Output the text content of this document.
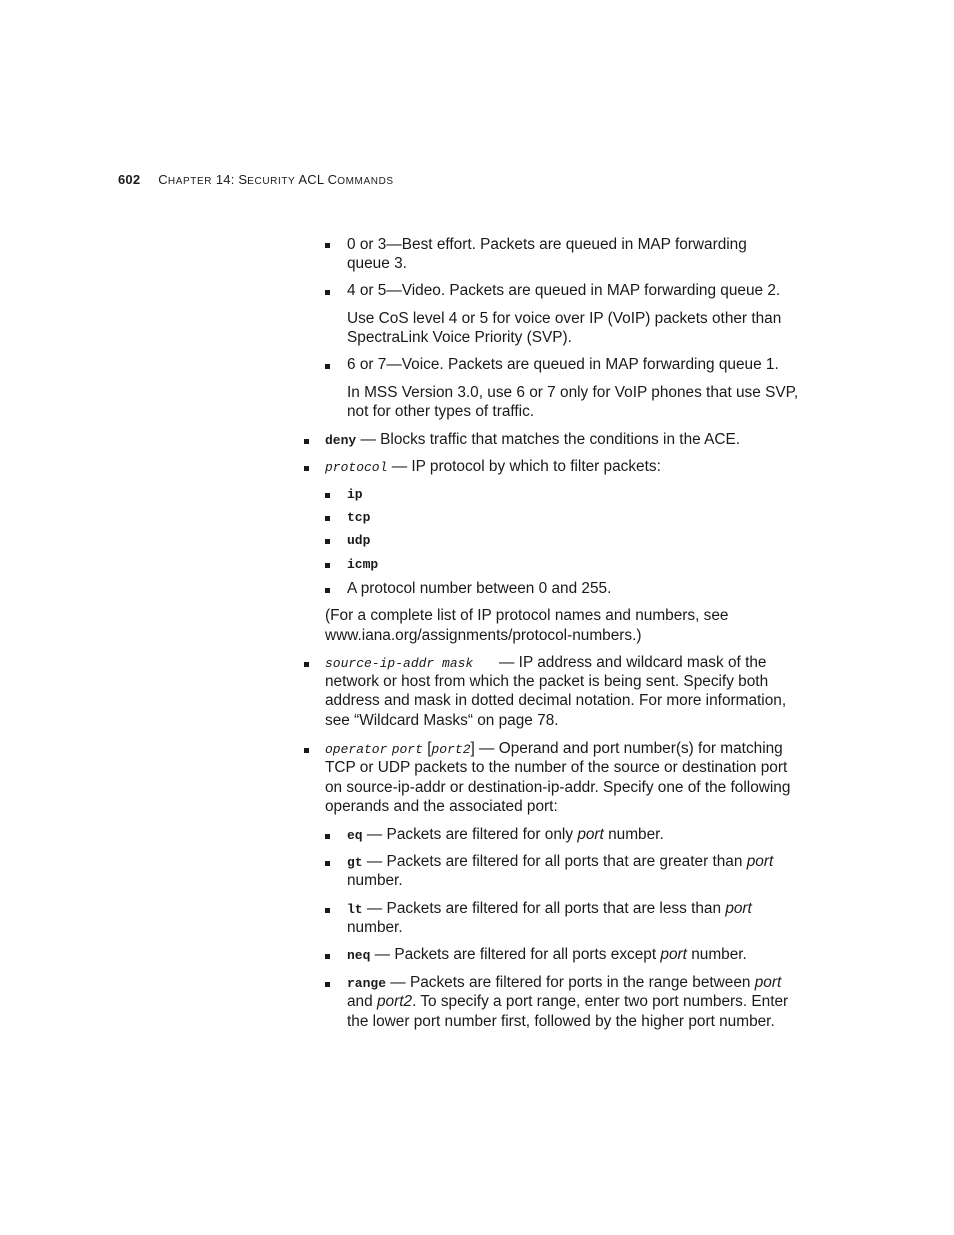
602 CHAPTER 14: SECURITY ACL COMMANDS
0 or 3—Best effort. Packets are queued in MAP forwarding
queue 3.
4 or 5—Video. Packets are queued in MAP forwarding queue 2.
Use CoS level 4 or 5 for voice over IP (VoIP) packets other than
SpectraLink Voice Priority (SVP).
6 or 7—Voice. Packets are queued in MAP forwarding queue 1.
In MSS Version 3.0, use 6 or 7 only for VoIP phones that use SVP,
not for other types of traffic.
deny — Blocks traffic that matches the conditions in the ACE.
protocol — IP protocol by which to filter packets:
ip
tcp
udp
icmp
A protocol number between 0 and 255.
(For a complete list of IP protocol names and numbers, see
www.iana.org/assignments/protocol-numbers.)
source-ip-addr mask — IP address and wildcard mask of the
network or host from which the packet is being sent. Specify both
address and mask in dotted decimal notation. For more information,
see “Wildcard Masks“ on page 78.
operator port [port2] — Operand and port number(s) for matching
TCP or UDP packets to the number of the source or destination port
on source-ip-addr or destination-ip-addr. Specify one of the following
operands and the associated port:
eq — Packets are filtered for only port number.
gt — Packets are filtered for all ports that are greater than port
number.
lt — Packets are filtered for all ports that are less than port
number.
neq — Packets are filtered for all ports except port number.
range — Packets are filtered for ports in the range between port
and port2. To specify a port range, enter two port numbers. Enter
the lower port number first, followed by the higher port number.
